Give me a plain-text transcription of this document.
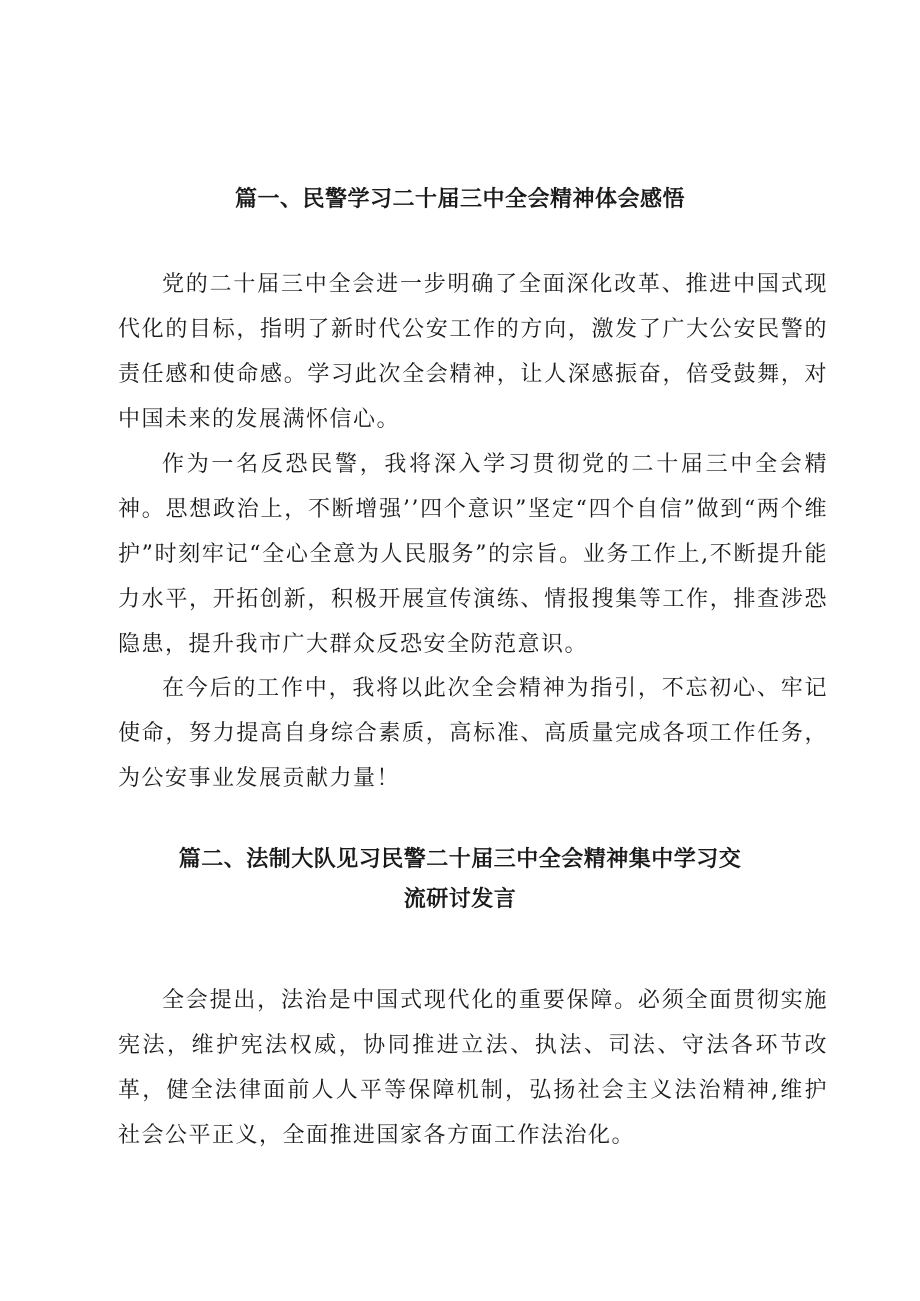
篇一、民警学习二十届三中全会精神体会感悟

党的二十届三中全会进一步明确了全面深化改革、推进中国式现代化的目标，指明了新时代公安工作的方向，激发了广大公安民警的责任感和使命感。学习此次全会精神，让人深感振奋，倍受鼓舞，对中国未来的发展满怀信心。

作为一名反恐民警，我将深入学习贯彻党的二十届三中全会精神。思想政治上，不断增强’’四个意识”坚定“四个自信”做到“两个维护”时刻牢记“全心全意为人民服务”的宗旨。业务工作上,不断提升能力水平，开拓创新，积极开展宣传演练、情报搜集等工作，排查涉恐隐患，提升我市广大群众反恐安全防范意识。

在今后的工作中，我将以此次全会精神为指引，不忘初心、牢记使命，努力提高自身综合素质，高标准、高质量完成各项工作任务，为公安事业发展贡献力量！

篇二、法制大队见习民警二十届三中全会精神集中学习交
流研讨发言

全会提出，法治是中国式现代化的重要保障。必须全面贯彻实施宪法，维护宪法权威，协同推进立法、执法、司法、守法各环节改革，健全法律面前人人平等保障机制，弘扬社会主义法治精神,维护社会公平正义，全面推进国家各方面工作法治化。
